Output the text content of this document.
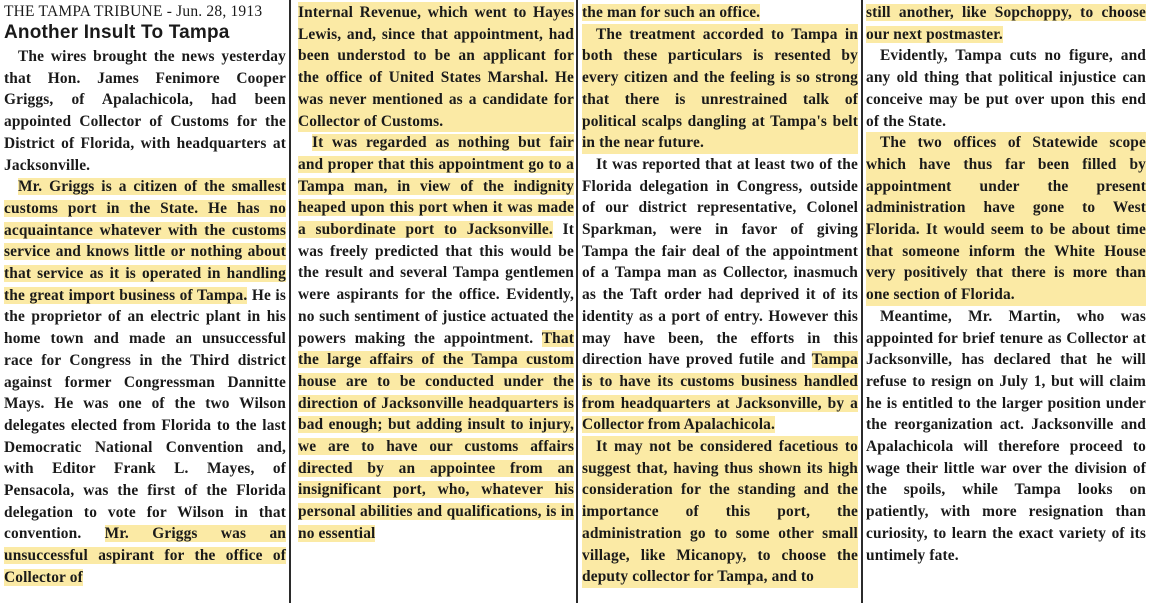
THE TAMPA TRIBUNE - Jun. 28, 1913
Another Insult To Tampa

The wires brought the news yesterday that Hon. James Fenimore Cooper Griggs, of Apalachicola, had been appointed Collector of Customs for the District of Florida, with headquarters at Jacksonville.

Mr. Griggs is a citizen of the smallest customs port in the State. He has no acquaintance whatever with the customs service and knows little or nothing about that service as it is operated in handling the great import business of Tampa. He is the proprietor of an electric plant in his home town and made an unsuccessful race for Congress in the Third district against former Congressman Dannitte Mays. He was one of the two Wilson delegates elected from Florida to the last Democratic National Convention and, with Editor Frank L. Mayes, of Pensacola, was the first of the Florida delegation to vote for Wilson in that convention. Mr. Griggs was an unsuccessful aspirant for the office of Collector of

Internal Revenue, which went to Hayes Lewis, and, since that appointment, had been understod to be an applicant for the office of United States Marshal. He was never mentioned as a candidate for Collector of Customs.

It was regarded as nothing but fair and proper that this appointment go to a Tampa man, in view of the indignity heaped upon this port when it was made a subordinate port to Jacksonville. It was freely predicted that this would be the result and several Tampa gentlemen were aspirants for the office. Evidently, no such sentiment of justice actuated the powers making the appointment. That the large affairs of the Tampa custom house are to be conducted under the direction of Jacksonville headquarters is bad enough; but adding insult to injury, we are to have our customs affairs directed by an appointee from an insignificant port, who, whatever his personal abilities and qualifications, is in no essential

the man for such an office.

The treatment accorded to Tampa in both these particulars is resented by every citizen and the feeling is so strong that there is unrestrained talk of political scalps dangling at Tampa's belt in the near future.

It was reported that at least two of the Florida delegation in Congress, outside of our district representative, Colonel Sparkman, were in favor of giving Tampa the fair deal of the appointment of a Tampa man as Collector, inasmuch as the Taft order had deprived it of its identity as a port of entry. However this may have been, the efforts in this direction have proved futile and Tampa is to have its customs business handled from headquarters at Jacksonville, by a Collector from Apalachicola.

It may not be considered facetious to suggest that, having thus shown its high consideration for the standing and the importance of this port, the administration go to some other small village, like Micanopy, to choose the deputy collector for Tampa, and to

still another, like Sopchoppy, to choose our next postmaster.

Evidently, Tampa cuts no figure, and any old thing that political injustice can conceive may be put over upon this end of the State.

The two offices of Statewide scope which have thus far been filled by appointment under the present administration have gone to West Florida. It would seem to be about time that someone inform the White House very positively that there is more than one section of Florida.

Meantime, Mr. Martin, who was appointed for brief tenure as Collector at Jacksonville, has declared that he will refuse to resign on July 1, but will claim he is entitled to the larger position under the reorganization act. Jacksonville and Apalachicola will therefore proceed to wage their little war over the division of the spoils, while Tampa looks on patiently, with more resignation than curiosity, to learn the exact variety of its untimely fate.
